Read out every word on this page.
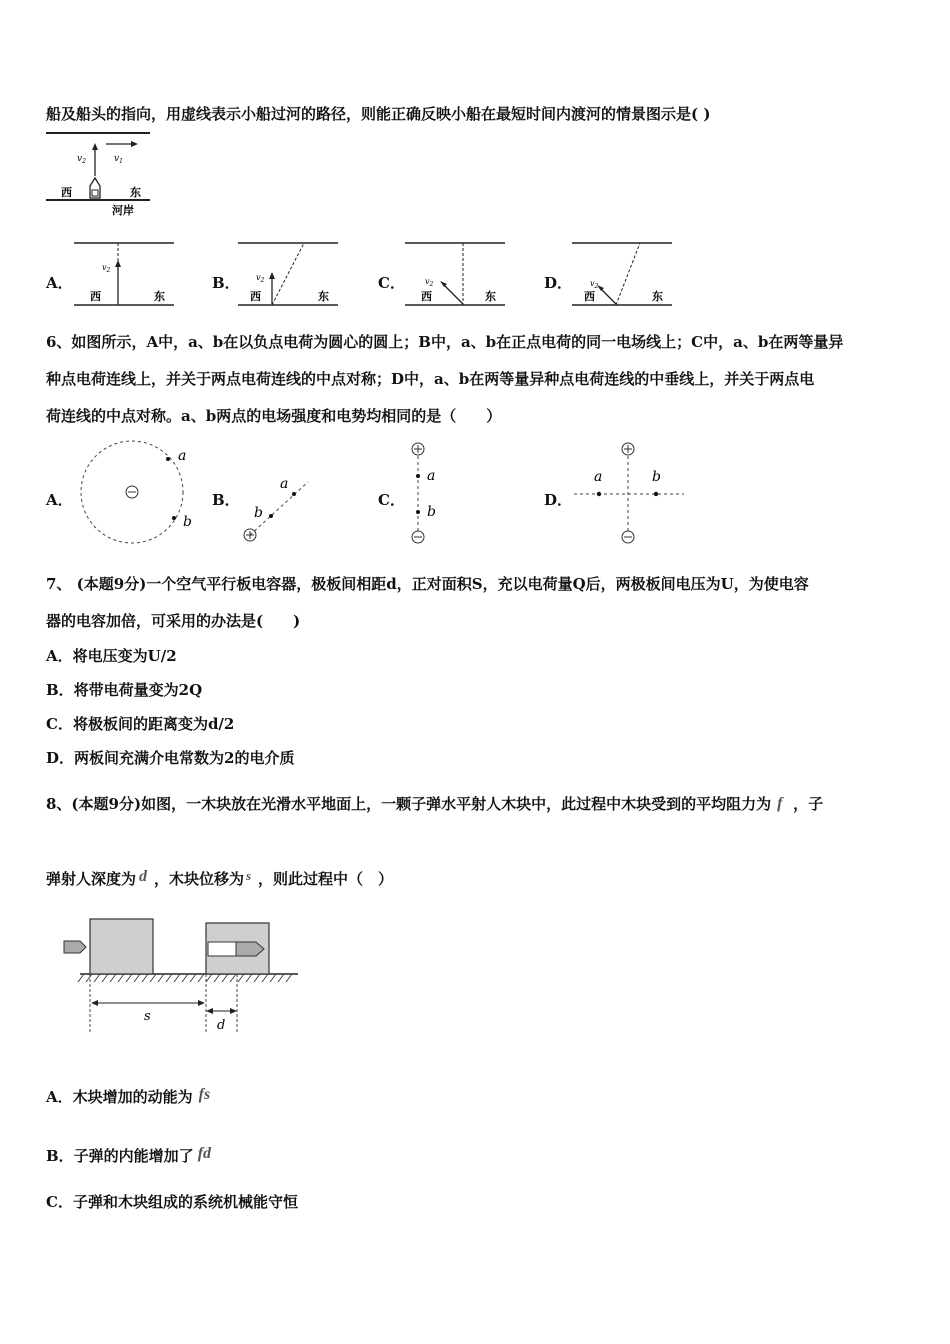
船及船头的指向，用虚线表示小船过河的路径，则能正确反映小船在最短时间内渡河的情景图示是( )
$v_1$
$v_2$
西	东
河岸
A．
$v_2$
西	东
B． $v_2$
西	东
C．	$v_2$
西	东
D． $v_2$
西	东
6、如图所示，A中，a、b在以负点电荷为圆心的圆上；B中，a、b在正点电荷的同一电场线上；C中，a、b在两等量异
种点电荷连线上，并关于两点电荷连线的中点对称；D中，a、b在两等量异种点电荷连线的中垂线上，并关于两点电
荷连线的中点对称。a、b两点的电场强度和电势均相同的是（　　）
A．
a
b
B．
b
a
C．
a
b
D．
a	b
7、 (本题9分)一个空气平行板电容器，极板间相距d，正对面积S，充以电荷量Q后，两极板间电压为U，为使电容
器的电容加倍，可采用的办法是(　　)
A．将电压变为U/2
B．将带电荷量变为2Q
C．将极板间的距离变为d/2
D．两板间充满介电常数为2的电介质
8、(本题9分)如图，一木块放在光滑水平地面上，一颗子弹水平射人木块中，此过程中木块受到的平均阻力为 f ，子
弹射人深度为 d ，木块位移为 s ，则此过程中（　）
s
d
A．木块增加的动能为 fs
B．子弹的内能增加了 fd
C．子弹和木块组成的系统机械能守恒
